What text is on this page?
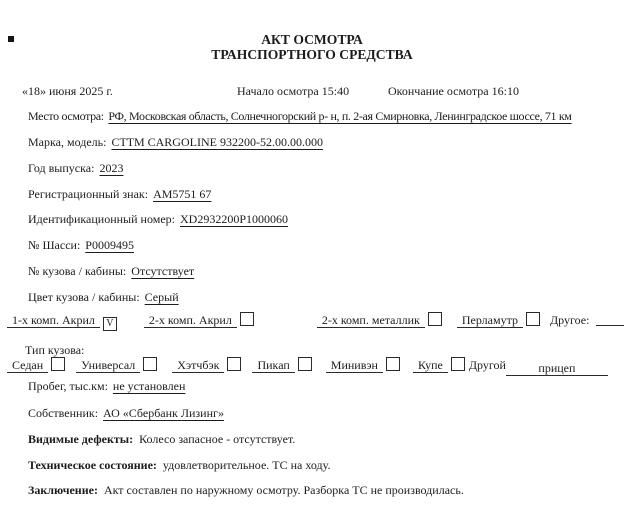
АКТ ОСМОТРА
ТРАНСПОРТНОГО СРЕДСТВА
«18» июня 2025 г.	Начало осмотра 15:40	Окончание осмотра 16:10

Место осмотра: РФ, Московская область, Солнечногорский р- н, п. 2-ая Смирновка, Ленинградское шоссе, 71 км

Марка, модель: СТТМ CARGOLINE 932200-52.00.00.000

Год выпуска: 2023

Регистрационный знак: АМ5751 67

Идентификационный номер: XD2932200P1000060

№ Шасси: P0009495

№ кузова / кабины: Отсутствует

Цвет кузова / кабины: Серый

1-х комп. Акрил V	2-х комп. Акрил	2-х комп. металлик	Перламутр	Другое:
Тип кузова:
Седан	Универсал	Хэтчбэк	Пикап	Минивэн	Купе Другой	прицеп

Пробег, тыс.км: не установлен

Собственник: АО «Сбербанк Лизинг»

Видимые дефекты: Колесо запасное - отсутствует.

Техническое состояние: удовлетворительное. ТС на ходу.

Заключение: Акт составлен по наружному осмотру. Разборка ТС не производилась.
